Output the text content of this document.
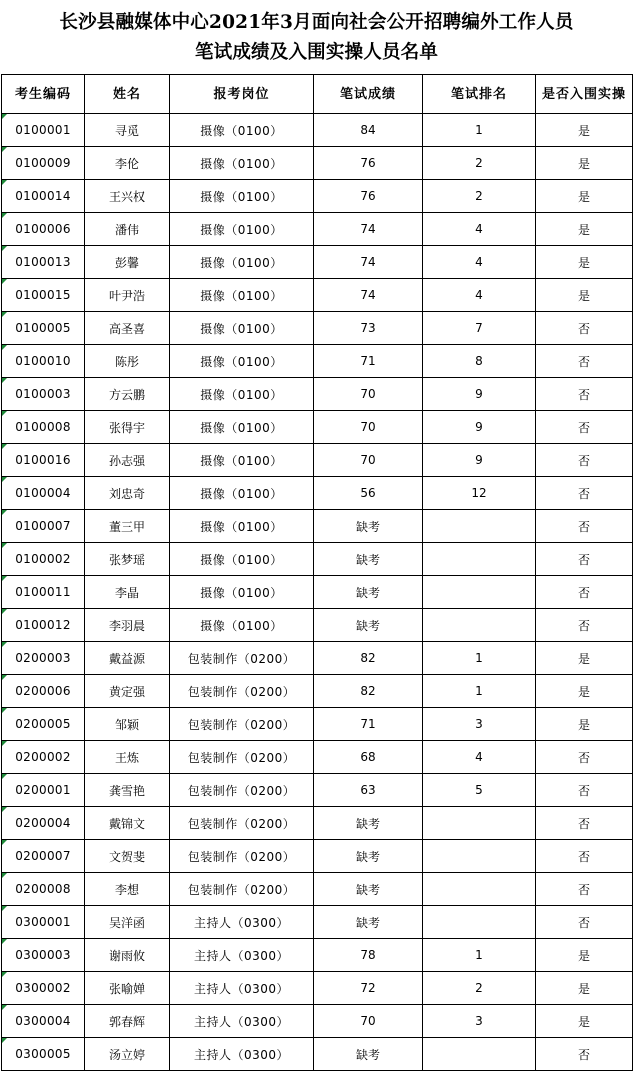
长沙县融媒体中心2021年3月面向社会公开招聘编外工作人员
笔试成绩及入围实操人员名单
考生编码	姓名	报考岗位	笔试成绩	笔试排名	是否入围实操

0100001	寻觅	摄像（0100）	84	1	是

0100009	李伦	摄像（0100）	76	2	是

0100014	王兴权	摄像（0100）	76	2	是

0100006	潘伟	摄像（0100）	74	4	是

0100013	彭馨	摄像（0100）	74	4	是

0100015	叶尹浩	摄像（0100）	74	4	是

0100005	高圣喜	摄像（0100）	73	7	否

0100010	陈彤	摄像（0100）	71	8	否

0100003	方云鹏	摄像（0100）	70	9	否

0100008	张得宇	摄像（0100）	70	9	否

0100016	孙志强	摄像（0100）	70	9	否

0100004	刘忠奇	摄像（0100）	56	12	否

0100007	董三甲	摄像（0100）	缺考		否

0100002	张梦瑶	摄像（0100）	缺考		否

0100011	李晶	摄像（0100）	缺考		否

0100012	李羽晨	摄像（0100）	缺考		否

0200003	戴益源	包装制作（0200）	82	1	是

0200006	黄定强	包装制作（0200）	82	1	是

0200005	邹颖	包装制作（0200）	71	3	是

0200002	王炼	包装制作（0200）	68	4	否

0200001	龚雪艳	包装制作（0200）	63	5	否

0200004	戴锦文	包装制作（0200）	缺考		否

0200007	文贺斐	包装制作（0200）	缺考		否

0200008	李想	包装制作（0200）	缺考		否

0300001	吴洋函	主持人（0300）	缺考		否

0300003	谢雨攸	主持人（0300）	78	1	是

0300002	张喻婵	主持人（0300）	72	2	是

0300004	郭春辉	主持人（0300）	70	3	是

0300005	汤立婷	主持人（0300）	缺考		否
